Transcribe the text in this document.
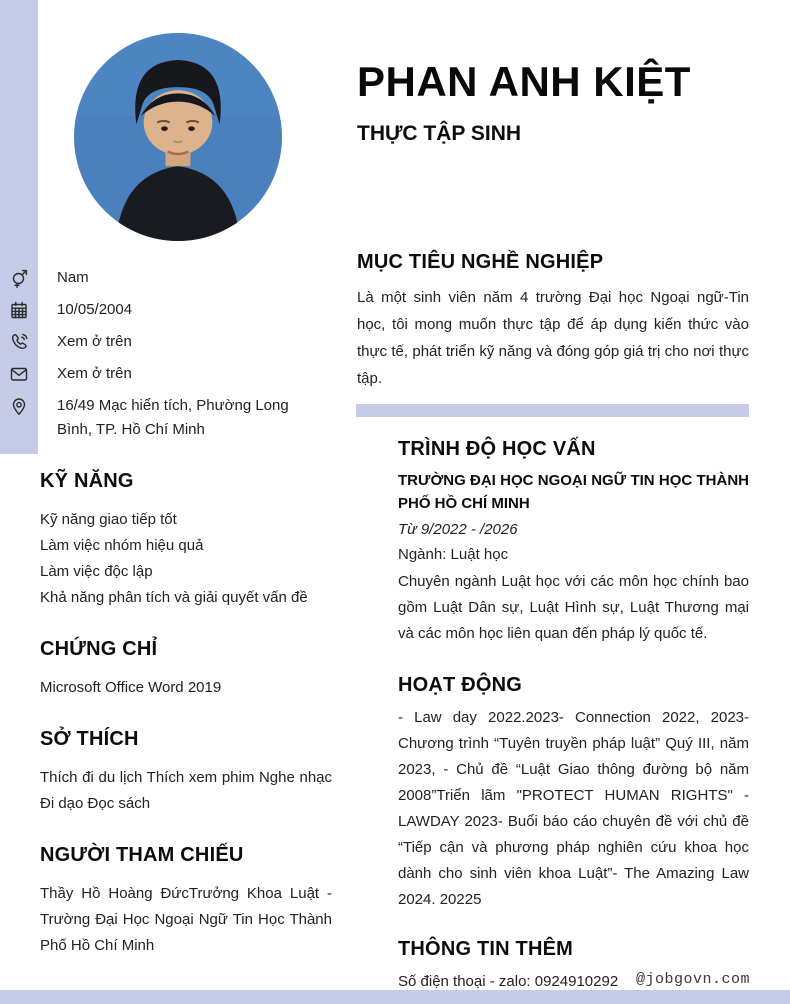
Nam
10/05/2004
Xem ở trên
Xem ở trên
16/49 Mạc hiển tích, Phường Long Bình, TP. Hồ Chí Minh
KỸ NĂNG
Kỹ năng giao tiếp tốt
Làm việc nhóm hiệu quả
Làm việc độc lập
Khả năng phân tích và giải quyết vấn đề
CHỨNG CHỈ
Microsoft Office Word 2019
SỞ THÍCH
Thích đi du lịch Thích xem phim Nghe nhạc Đi dạo Đọc sách
NGƯỜI THAM CHIẾU
Thầy Hồ Hoàng ĐứcTrưởng Khoa Luật - Trường Đại Học Ngoại Ngữ Tin Học Thành Phố Hồ Chí Minh
PHAN ANH KIỆT
THỰC TẬP SINH
MỤC TIÊU NGHỀ NGHIỆP
Là một sinh viên năm 4 trường Đại học Ngoại ngữ-Tin học, tôi mong muốn thực tập để áp dụng kiến thức vào thực tế, phát triển kỹ năng và đóng góp giá trị cho nơi thực tập.
TRÌNH ĐỘ HỌC VẤN
TRƯỜNG ĐẠI HỌC NGOẠI NGỮ TIN HỌC THÀNH PHỐ HỒ CHÍ MINH
Từ 9/2022 - /2026
Ngành: Luật học
Chuyên ngành Luật học với các môn học chính bao gồm Luật Dân sự, Luật Hình sự, Luật Thương mại và các môn học liên quan đến pháp lý quốc tế.
HOẠT ĐỘNG
- Law day 2022.2023- Connection 2022, 2023- Chương trình “Tuyên truyền pháp luật” Quý III, năm 2023, - Chủ đề “Luật Giao thông đường bộ năm 2008”Triển lãm "PROTECT HUMAN RIGHTS" - LAWDAY 2023- Buổi báo cáo chuyên đề với chủ đề “Tiếp cận và phương pháp nghiên cứu khoa học dành cho sinh viên khoa Luật”- The Amazing Law 2024. 20225
THÔNG TIN THÊM
Số điện thoại - zalo: 0924910292	@jobgovn.com
